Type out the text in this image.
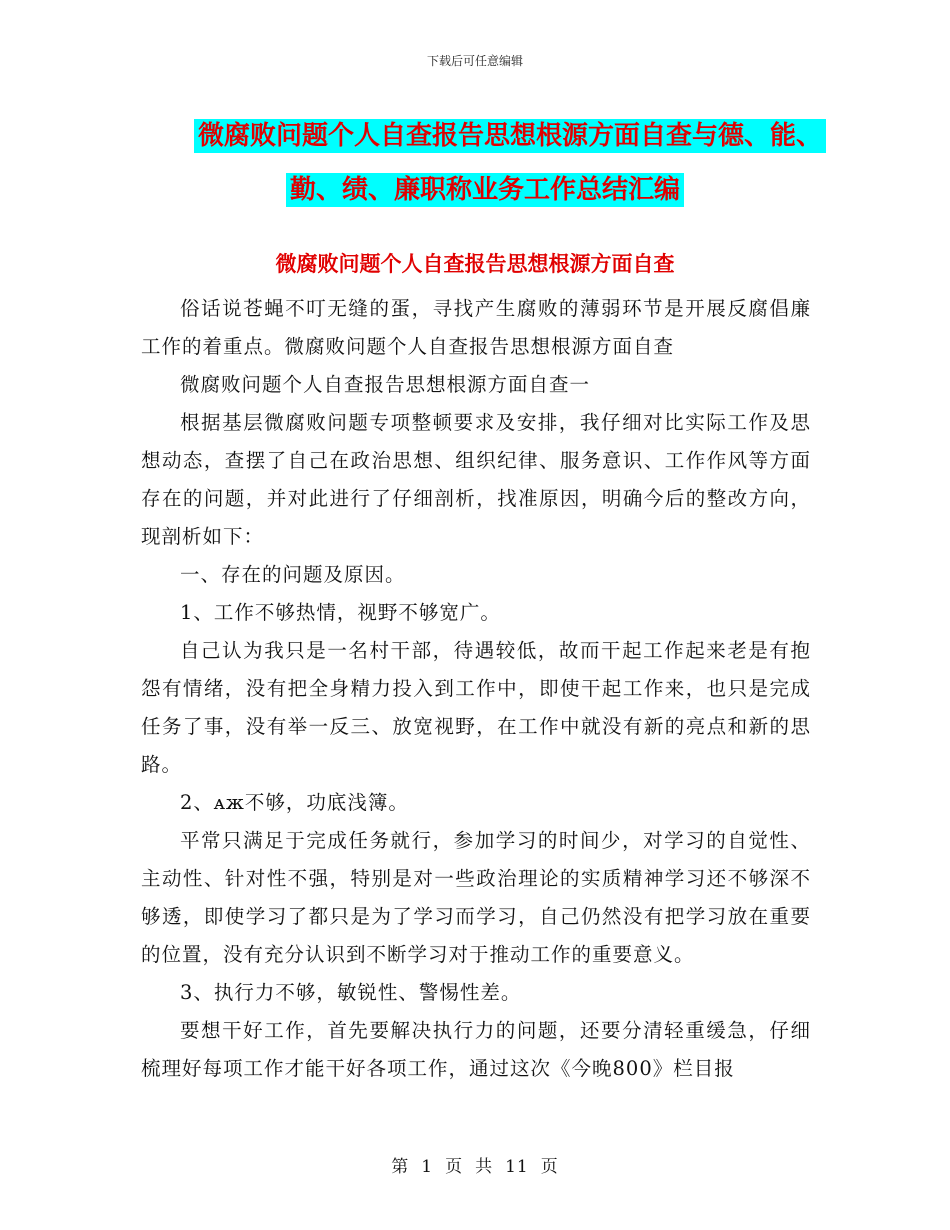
下载后可任意编辑
微腐败问题个人自查报告思想根源方面自查与德、能、
勤、绩、廉职称业务工作总结汇编
微腐败问题个人自查报告思想根源方面自查

俗话说苍蝇不叮无缝的蛋，寻找产生腐败的薄弱环节是开展反腐倡廉工作的着重点。微腐败问题个人自查报告思想根源方面自查

微腐败问题个人自查报告思想根源方面自查一

根据基层微腐败问题专项整顿要求及安排，我仔细对比实际工作及思想动态，查摆了自己在政治思想、组织纪律、服务意识、工作作风等方面存在的问题，并对此进行了仔细剖析，找准原因，明确今后的整改方向，现剖析如下：

一、存在的问题及原因。

1、工作不够热情，视野不够宽广。

自己认为我只是一名村干部，待遇较低，故而干起工作起来老是有抱怨有情绪，没有把全身精力投入到工作中，即使干起工作来，也只是完成任务了事，没有举一反三、放宽视野，在工作中就没有新的亮点和新的思路。

2、ᴀж不够，功底浅簿。

平常只满足于完成任务就行，参加学习的时间少，对学习的自觉性、主动性、针对性不强，特别是对一些政治理论的实质精神学习还不够深不够透，即使学习了都只是为了学习而学习，自己仍然没有把学习放在重要的位置，没有充分认识到不断学习对于推动工作的重要意义。

3、执行力不够，敏锐性、警惕性差。

要想干好工作，首先要解决执行力的问题，还要分清轻重缓急，仔细梳理好每项工作才能干好各项工作，通过这次《今晚800》栏目报

第 1 页 共 11 页
